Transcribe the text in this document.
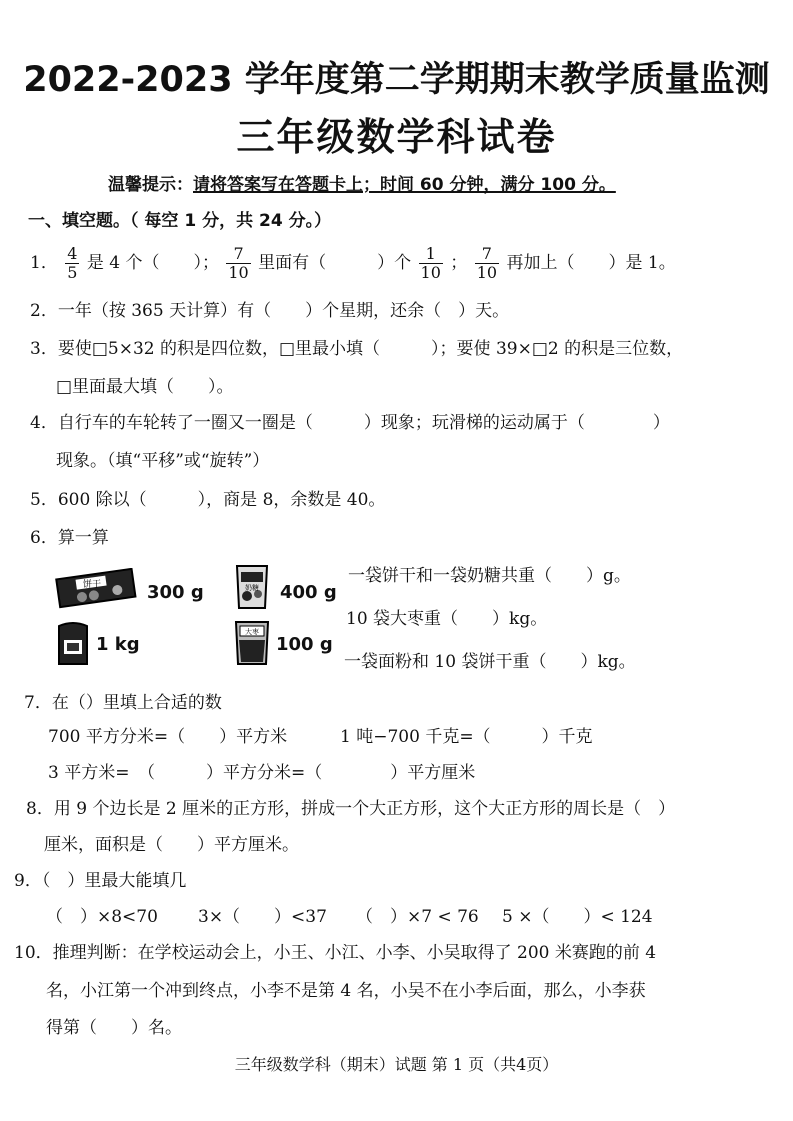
2022-2023 学年度第二学期期末教学质量监测
三年级数学科试卷
温馨提示：请将答案写在答题卡上；时间 60 分钟，满分 100 分。
一、填空题。（ 每空 1 分，共 24 分。）
1． $\frac{4}{5}$ 是 4 个（　　）； $\frac{7}{10}$ 里面有（　　　）个 $\frac{1}{10}$ ； $\frac{7}{10}$ 再加上（　　）是 1。
2．一年（按 365 天计算）有（　　）个星期，还余（　）天。
3．要使□5×32 的积是四位数，□里最小填（　　　）；要使 39×□2 的积是三位数，
□里面最大填（　　）。
4．自行车的车轮转了一圈又一圈是（　　　）现象；玩滑梯的运动属于（　　　　）
现象。（填“平移”或“旋转”）
5．600 除以（　　　），商是 8，余数是 40。
6．算一算
饼干	300 g	奶糖 400 g
1 kg
大枣
100 g
一袋饼干和一袋奶糖共重（　　）g。
10 袋大枣重（　　）kg。
一袋面粉和 10 袋饼干重（　　）kg。
7．在（）里填上合适的数
700 平方分米=（　　）平方米	1 吨−700 千克=（　　　）千克
3 平方米=　（　　　）平方分米=（　　　　）平方厘米
8．用 9 个边长是 2 厘米的正方形，拼成一个大正方形，这个大正方形的周长是（　）
厘米，面积是（　　）平方厘米。
9．（　）里最大能填几
（　）×8<70 3×（　　）<37 （　）×7 < 76 5 ×（　　）< 124
10．推理判断：在学校运动会上，小王、小江、小李、小吴取得了 200 米赛跑的前 4
名，小江第一个冲到终点，小李不是第 4 名，小吴不在小李后面，那么，小李获
得第（　　）名。
三年级数学科（期末）试题 第 1 页（共4页）
